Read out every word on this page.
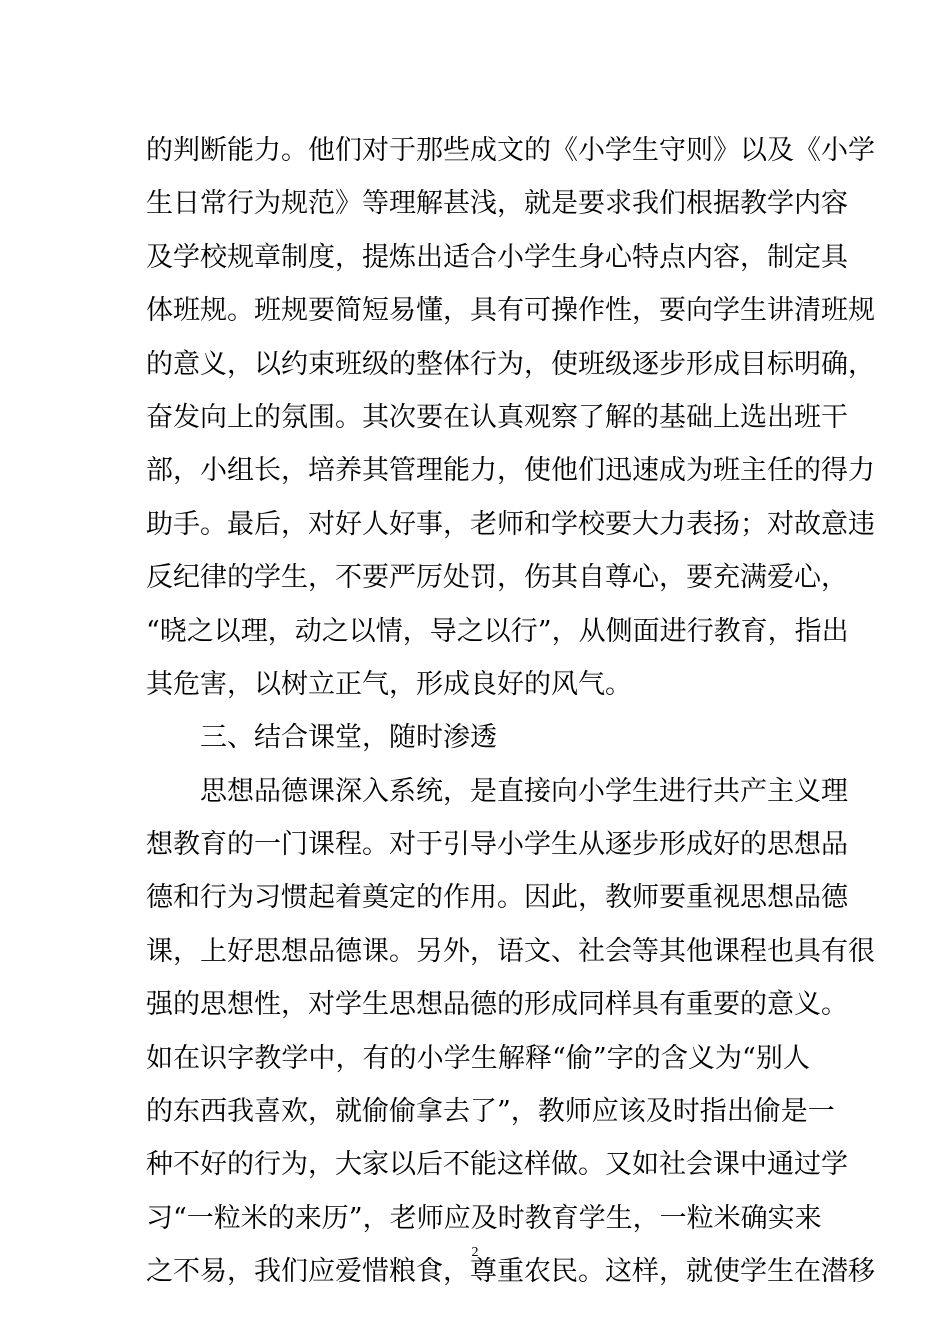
的判断能力。他们对于那些成文的《小学生守则》以及《小学
生日常行为规范》等理解甚浅，就是要求我们根据教学内容
及学校规章制度，提炼出适合小学生身心特点内容，制定具
体班规。班规要简短易懂，具有可操作性，要向学生讲清班规
的意义，以约束班级的整体行为，使班级逐步形成目标明确，
奋发向上的氛围。其次要在认真观察了解的基础上选出班干
部，小组长，培养其管理能力，使他们迅速成为班主任的得力
助手。最后，对好人好事，老师和学校要大力表扬；对故意违
反纪律的学生，不要严厉处罚，伤其自尊心，要充满爱心，
“晓之以理，动之以情，导之以行”，从侧面进行教育，指出
其危害，以树立正气，形成良好的风气。
三、结合课堂，随时渗透
思想品德课深入系统，是直接向小学生进行共产主义理
想教育的一门课程。对于引导小学生从逐步形成好的思想品
德和行为习惯起着奠定的作用。因此，教师要重视思想品德
课，上好思想品德课。另外，语文、社会等其他课程也具有很
强的思想性，对学生思想品德的形成同样具有重要的意义。
如在识字教学中，有的小学生解释“偷”字的含义为“别人
的东西我喜欢，就偷偷拿去了”，教师应该及时指出偷是一
种不好的行为，大家以后不能这样做。又如社会课中通过学
习“一粒米的来历”，老师应及时教育学生，一粒米确实来
之不易，我们应爱惜粮食，尊重农民。这样，就使学生在潜移
2
